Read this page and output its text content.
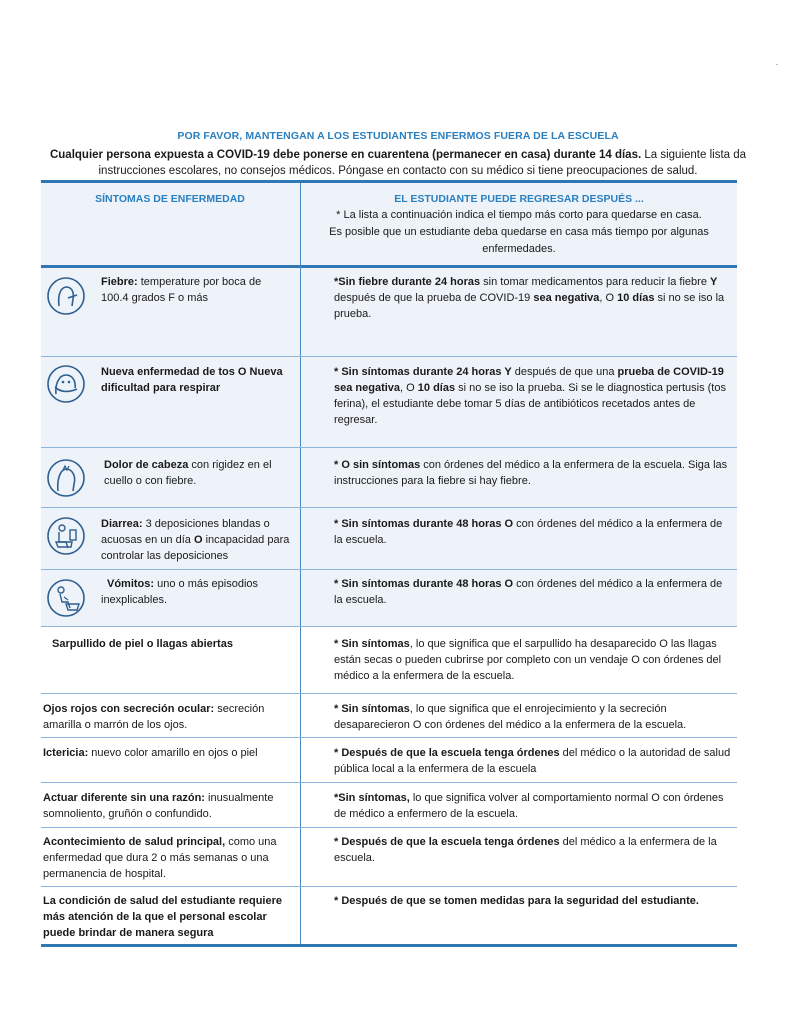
POR FAVOR, MANTENGAN A LOS ESTUDIANTES ENFERMOS FUERA DE LA ESCUELA
Cualquier persona expuesta a COVID-19 debe ponerse en cuarentena (permanecer en casa) durante 14 días. La siguiente lista da instrucciones escolares, no consejos médicos. Póngase en contacto con su médico si tiene preocupaciones de salud.
SÍNTOMAS DE ENFERMEDAD	EL ESTUDIANTE PUEDE REGRESAR DESPUÉS ...
* La lista a continuación indica el tiempo más corto para quedarse en casa.
Es posible que un estudiante deba quedarse en casa más tiempo por algunas enfermedades.
Fiebre: temperature por boca de 100.4 grados F o más
Nueva enfermedad de tos O Nueva dificultad para respirar
Dolor de cabeza con rigidez en el cuello o con fiebre.
Diarrea: 3 deposiciones blandas o acuosas en un día O incapacidad para controlar las deposiciones
Vómitos: uno o más episodios inexplicables.
Sarpullido de piel o llagas abiertas
Ojos rojos con secreción ocular: secreción amarilla o marrón de los ojos.
Ictericia: nuevo color amarillo en ojos o piel
Actuar diferente sin una razón: inusualmente somnoliento, gruñón o confundido.
Acontecimiento de salud principal, como una enfermedad que dura 2 o más semanas o una permanencia de hospital.
La condición de salud del estudiante requiere más atención de la que el personal escolar puede brindar de manera segura
*Sin fiebre durante 24 horas sin tomar medicamentos para reducir la fiebre Y después de que la prueba de COVID-19 sea negativa, O 10 días si no se iso la prueba.
* Sin síntomas durante 24 horas Y después de que una prueba de COVID-19 sea negativa, O 10 días si no se iso la prueba. Si se le diagnostica pertusis (tos ferina), el estudiante debe tomar 5 días de antibióticos recetados antes de regresar.
* O sin síntomas con órdenes del médico a la enfermera de la escuela. Siga las instrucciones para la fiebre si hay fiebre.
* Sin síntomas durante 48 horas O con órdenes del médico a la enfermera de la escuela.
* Sin síntomas durante 48 horas O con órdenes del médico a la enfermera de la escuela.
* Sin síntomas, lo que significa que el sarpullido ha desaparecido O las llagas están secas o pueden cubrirse por completo con un vendaje O con órdenes del médico a la enfermera de la escuela.
* Sin síntomas, lo que significa que el enrojecimiento y la secreción desaparecieron O con órdenes del médico a la enfermera de la escuela.
* Después de que la escuela tenga órdenes del médico o la autoridad de salud pública local a la enfermera de la escuela
*Sin síntomas, lo que significa volver al comportamiento normal O con órdenes de médico a enfermero de la escuela.
* Después de que la escuela tenga órdenes del médico a la enfermera de la escuela.
* Después de que se tomen medidas para la seguridad del estudiante.
